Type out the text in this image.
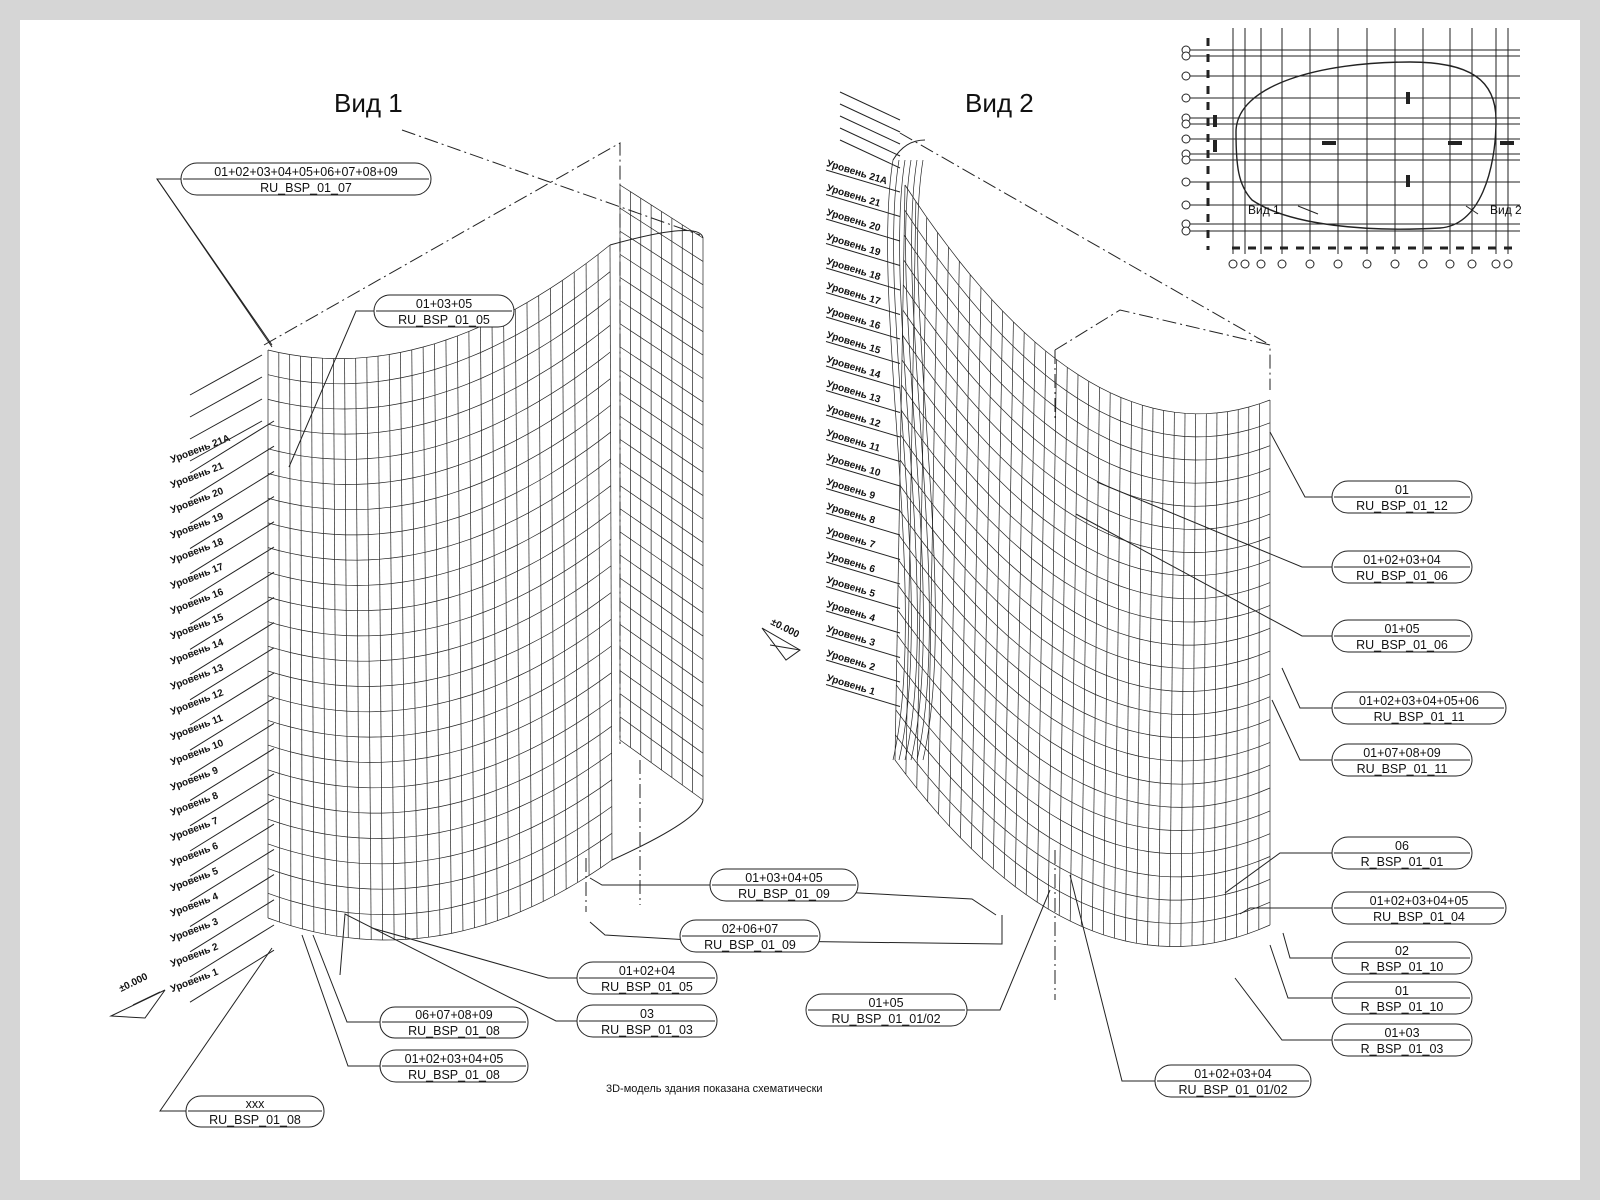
Вид 1	Вид 2
Уровень 21А
Уровень 21
Уровень 20
Уровень 19
Уровень 18
Уровень 17
Уровень 16
Уровень 15
Уровень 14
Уровень 13
Уровень 12
Уровень 11
Уровень 10
Уровень 9
Уровень 8
Уровень 7
Уровень 6
Уровень 5
Уровень 4
Уровень 3
Уровень 2
Уровень 1
Уровень 21А
Уровень 21
Уровень 20
Уровень 19
Уровень 18
Уровень 17
Уровень 16
Уровень 15
Уровень 14
Уровень 13
Уровень 12
Уровень 11
Уровень 10
Уровень 9
Уровень 8
Уровень 7
Уровень 6
Уровень 5
Уровень 4
Уровень 3
Уровень 2
Уровень 1
±0.000
±0.000
01+02+03+04+05+06+07+08+09
RU_BSP_01_07
01+03+05
RU_BSP_01_05
01+02+04
RU_BSP_01_05
03
RU_BSP_01_03
06+07+08+09
RU_BSP_01_08
01+02+03+04+05
RU_BSP_01_08
ххх
RU_BSP_01_08
01+03+04+05
RU_BSP_01_09
02+06+07
RU_BSP_01_09
01
RU_BSP_01_12
01+02+03+04
RU_BSP_01_06
01+05
RU_BSP_01_06
01+02+03+04+05+06
RU_BSP_01_11
01+07+08+09
RU_BSP_01_11
06
R_BSP_01_01
01+02+03+04+05
RU_BSP_01_04
02
R_BSP_01_10
01
R_BSP_01_10
01+03
R_BSP_01_03
01+02+03+04
RU_BSP_01_01/02
01+05
RU_BSP_01_01/02
Вид 1	Вид 2
3D-модель здания показана схематически
